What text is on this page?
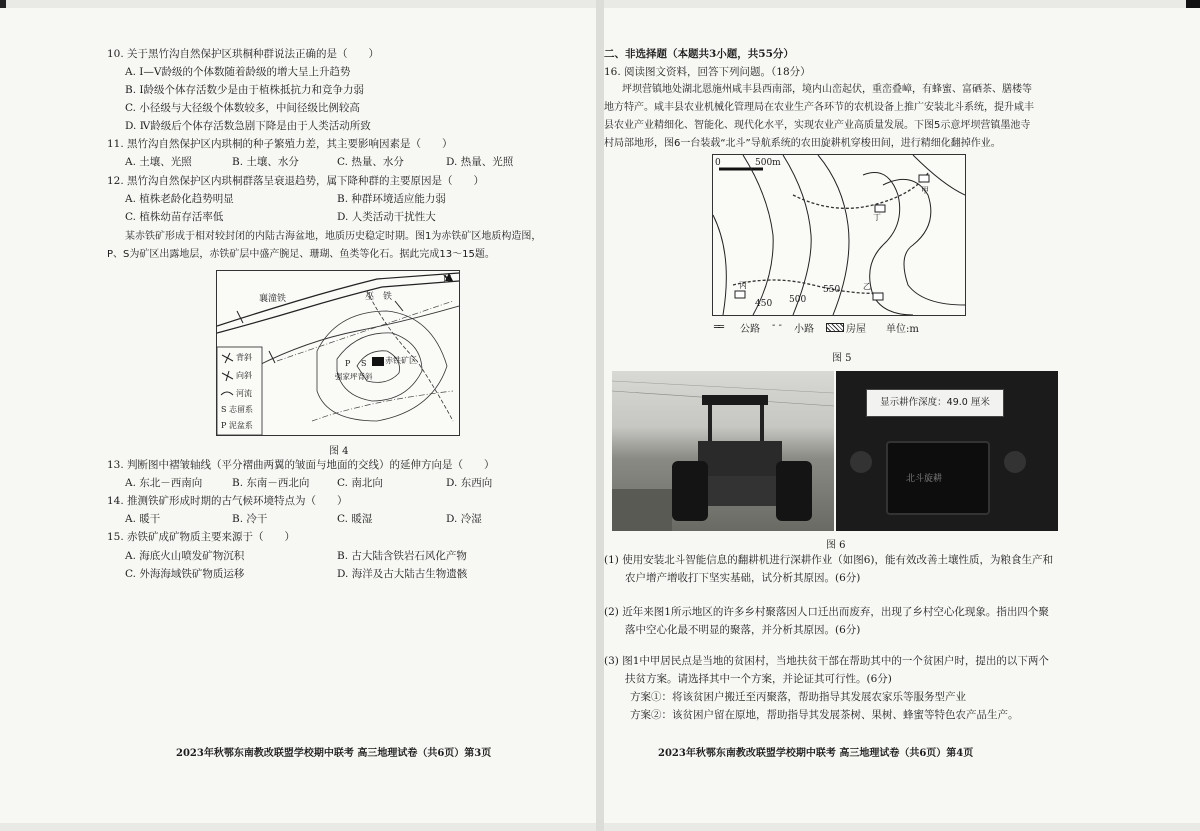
10. 关于黑竹沟自然保护区珙桐种群说法正确的是（　　）
A. Ⅰ—Ⅴ龄级的个体数随着龄级的增大呈上升趋势
B. Ⅰ龄级个体存活数少是由于植株抵抗力和竞争力弱
C. 小径级与大径级个体数较多，中间径级比例较高
D. Ⅳ龄级后个体存活数急剧下降是由于人类活动所致
11. 黑竹沟自然保护区内珙桐的种子繁殖力差，其主要影响因素是（　　）
A. 土壤、光照	B. 土壤、水分	C. 热量、水分	D. 热量、光照
12. 黑竹沟自然保护区内珙桐群落呈衰退趋势，属下降种群的主要原因是（　　）
A. 植株老龄化趋势明显	B. 种群环境适应能力弱
C. 植株幼苗存活率低	D. 人类活动干扰性大
某赤铁矿形成于相对较封闭的内陆古海盆地，地质历史稳定时期。图1为赤铁矿区地质构造图，
P、S为矿区出露地层，赤铁矿层中盛产腕足、珊瑚、鱼类等化石。据此完成13～15题。
襄潼铁	巫　铁
N
赤铁矿区
P S
强家坪背斜
背斜
向斜
河流
S 志留系
P 泥盆系
图 4
13. 判断图中褶皱轴线（平分褶曲两翼的皱面与地面的交线）的延伸方向是（　　）
A. 东北－西南向	B. 东南－西北向	C. 南北向	D. 东西向
14. 推测铁矿形成时期的古气候环境特点为（　　）
A. 暖干	B. 冷干	C. 暖湿	D. 冷湿
15. 赤铁矿成矿物质主要来源于（　　）
A. 海底火山喷发矿物沉积	B. 古大陆含铁岩石风化产物
C. 外海海域铁矿物质运移	D. 海洋及古大陆古生物遗骸
2023年秋鄂东南教改联盟学校期中联考 高三地理试卷（共6页）第3页
二、非选择题（本题共3小题，共55分）
16. 阅读图文资料，回答下列问题。（18分）
坪坝营镇地处湖北恩施州咸丰县西南部，境内山峦起伏，重峦叠嶂，有蜂蜜、富硒茶、膳楼等
地方特产。咸丰县农业机械化管理局在农业生产各环节的农机设备上推广安装北斗系统，提升咸丰
县农业产业精细化、智能化、现代化水平，实现农业产业高质量发展。下图5示意坪坝营镇墨池寺
村局部地形，图6一台装载“北斗”导航系统的农田旋耕机穿梭田间，进行精细化翻掉作业。
0	500m
甲
丁
丙	乙
450 500
550
══ 公路 - - 小路	房屋 单位:m
图 5
显示耕作深度：49.0 厘米
北斗旋耕
图 6
(1) 使用安装北斗智能信息的翻耕机进行深耕作业（如图6)，能有效改善土壤性质，为粮食生产和
　　农户增产增收打下坚实基础，试分析其原因。(6分)
(2) 近年来图1所示地区的许多乡村聚落因人口迁出而废弃，出现了乡村空心化现象。指出四个聚
　　落中空心化最不明显的聚落，并分析其原因。(6分)
(3) 图1中甲居民点是当地的贫困村，当地扶贫干部在帮助其中的一个贫困户时，提出的以下两个
　　扶贫方案。请选择其中一个方案，并论证其可行性。(6分)
方案①：将该贫困户搬迁至丙聚落，帮助指导其发展农家乐等服务型产业
方案②：该贫困户留在原地，帮助指导其发展茶树、果树、蜂蜜等特色农产品生产。
2023年秋鄂东南教改联盟学校期中联考 高三地理试卷（共6页）第4页
